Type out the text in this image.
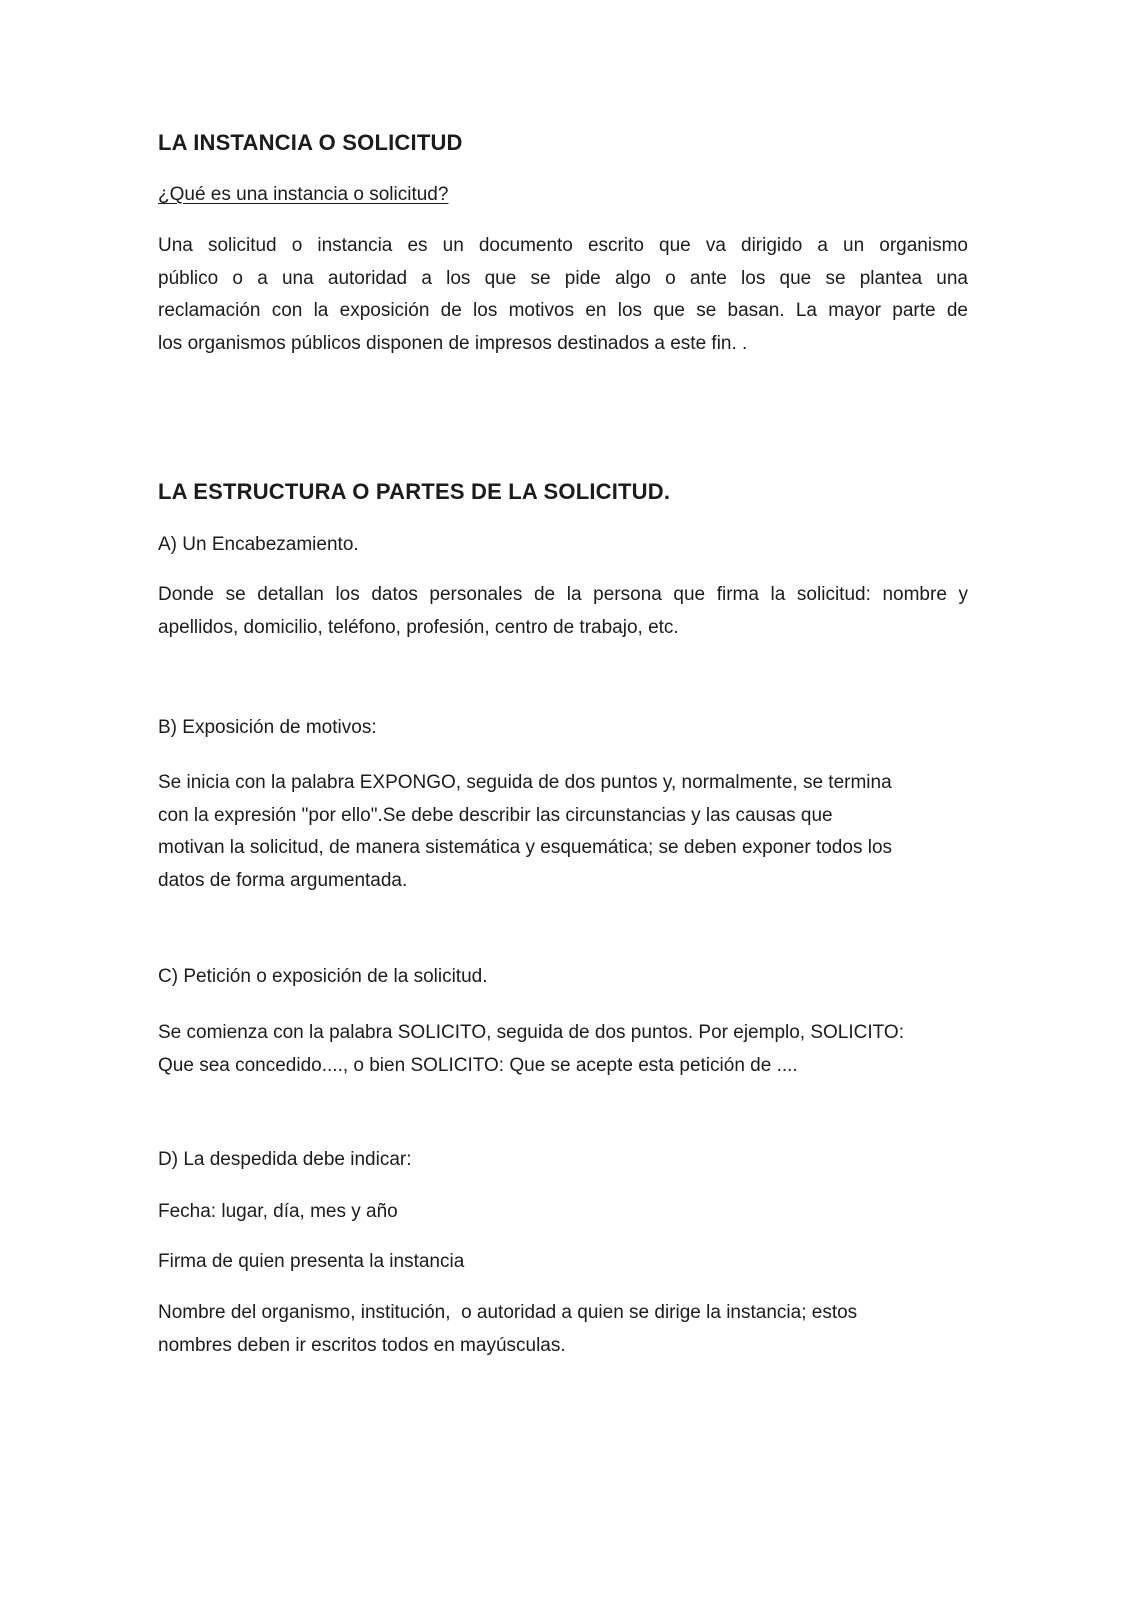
LA INSTANCIA O SOLICITUD
¿Qué es una instancia o solicitud?
Una solicitud o instancia es un documento escrito que va dirigido a un organismo
público o a una autoridad a los que se pide algo o ante los que se plantea una
reclamación con la exposición de los motivos en los que se basan. La mayor parte de
los organismos públicos disponen de impresos destinados a este fin. .
LA ESTRUCTURA O PARTES DE LA SOLICITUD.
A) Un Encabezamiento.
Donde se detallan los datos personales de la persona que firma la solicitud: nombre y
apellidos, domicilio, teléfono, profesión, centro de trabajo, etc.
B) Exposición de motivos:
Se inicia con la palabra EXPONGO, seguida de dos puntos y, normalmente, se termina
con la expresión "por ello".Se debe describir las circunstancias y las causas que
motivan la solicitud, de manera sistemática y esquemática; se deben exponer todos los
datos de forma argumentada.
C) Petición o exposición de la solicitud.
Se comienza con la palabra SOLICITO, seguida de dos puntos. Por ejemplo, SOLICITO:
Que sea concedido...., o bien SOLICITO: Que se acepte esta petición de ....
D) La despedida debe indicar:
Fecha: lugar, día, mes y año
Firma de quien presenta la instancia
Nombre del organismo, institución,  o autoridad a quien se dirige la instancia; estos
nombres deben ir escritos todos en mayúsculas.
